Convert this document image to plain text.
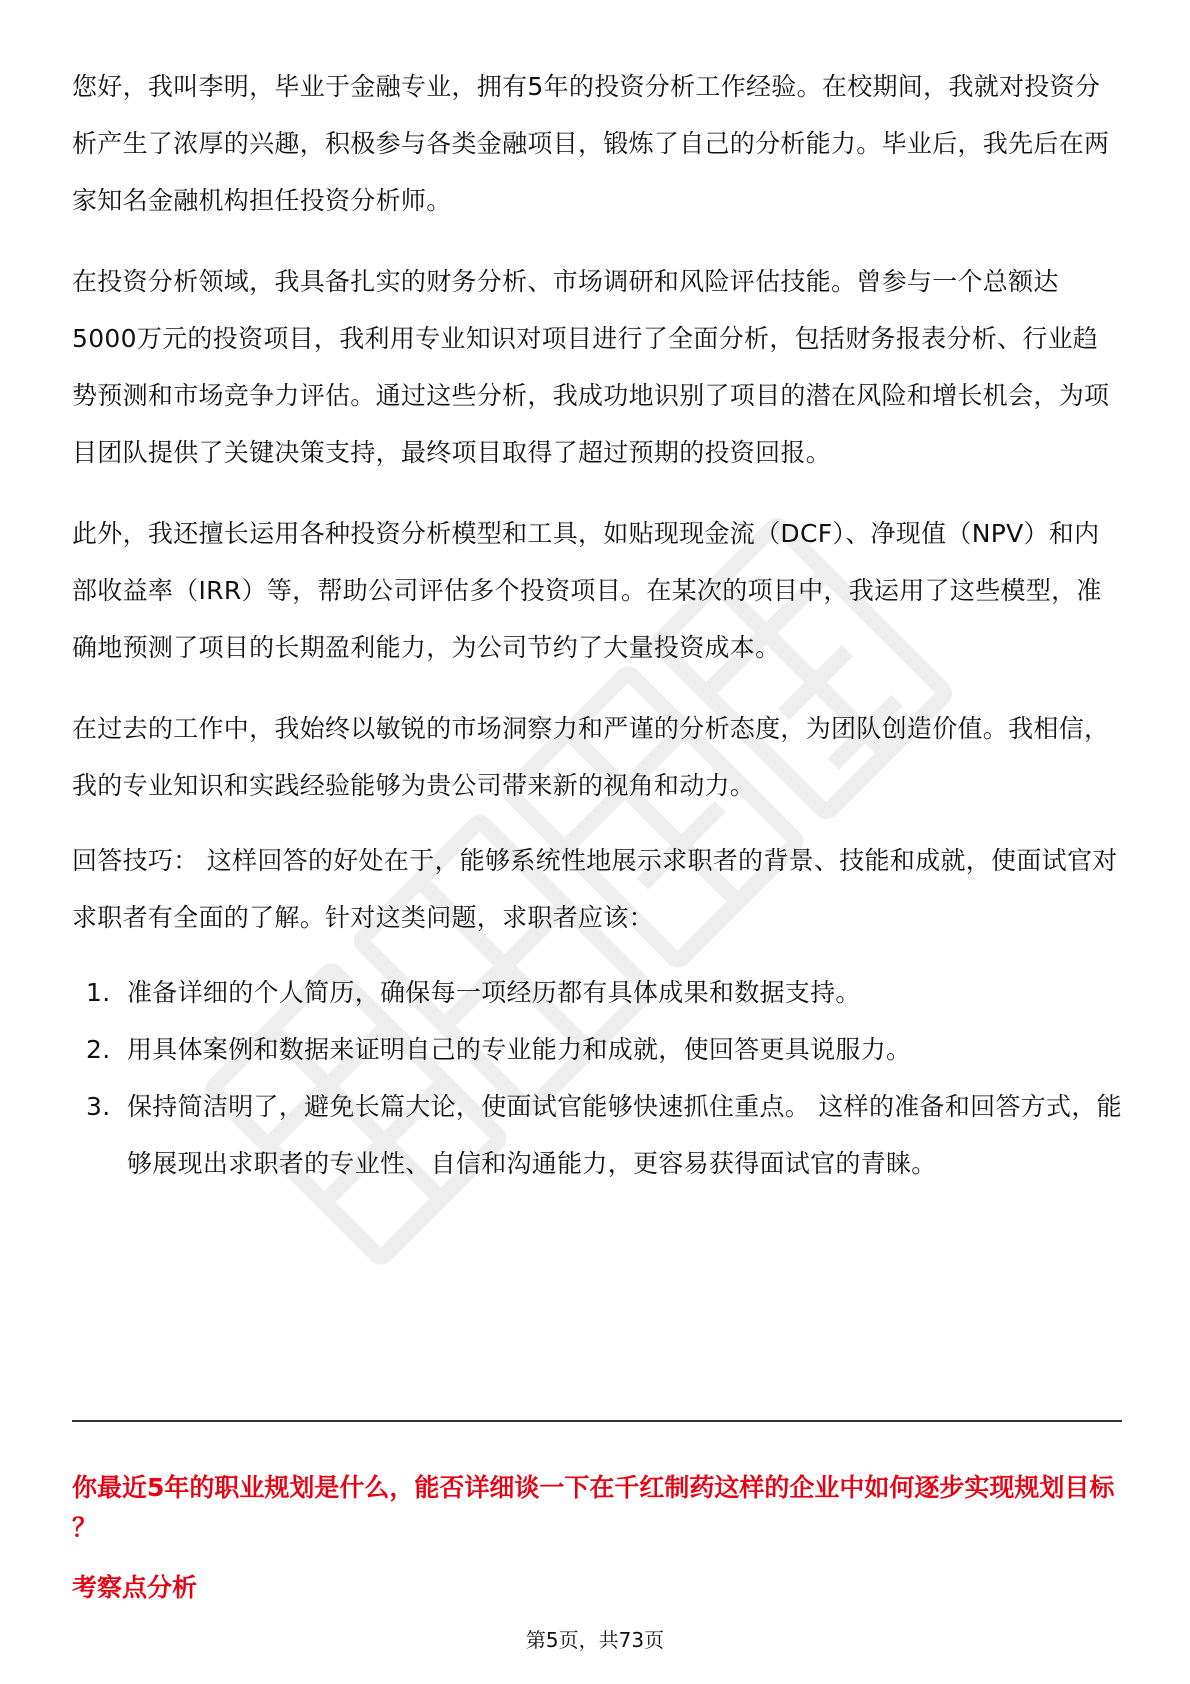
您好，我叫李明，毕业于金融专业，拥有5年的投资分析工作经验。在校期间，我就对投资分析产生了浓厚的兴趣，积极参与各类金融项目，锻炼了自己的分析能力。毕业后，我先后在两家知名金融机构担任投资分析师。

在投资分析领域，我具备扎实的财务分析、市场调研和风险评估技能。曾参与一个总额达5000万元的投资项目，我利用专业知识对项目进行了全面分析，包括财务报表分析、行业趋势预测和市场竞争力评估。通过这些分析，我成功地识别了项目的潜在风险和增长机会，为项目团队提供了关键决策支持，最终项目取得了超过预期的投资回报。

此外，我还擅长运用各种投资分析模型和工具，如贴现现金流（DCF）、净现值（NPV）和内部收益率（IRR）等，帮助公司评估多个投资项目。在某次的项目中，我运用了这些模型，准确地预测了项目的长期盈利能力，为公司节约了大量投资成本。

在过去的工作中，我始终以敏锐的市场洞察力和严谨的分析态度，为团队创造价值。我相信，我的专业知识和实践经验能够为贵公司带来新的视角和动力。

回答技巧： 这样回答的好处在于，能够系统性地展示求职者的背景、技能和成就，使面试官对求职者有全面的了解。针对这类问题，求职者应该：

1. 准备详细的个人简历，确保每一项经历都有具体成果和数据支持。
2. 用具体案例和数据来证明自己的专业能力和成就，使回答更具说服力。
3. 保持简洁明了，避免长篇大论，使面试官能够快速抓住重点。 这样的准备和回答方式，能够展现出求职者的专业性、自信和沟通能力，更容易获得面试官的青睐。

你最近5年的职业规划是什么，能否详细谈一下在千红制药这样的企业中如何逐步实现规划目标 ？

考察点分析

第5页，共73页
